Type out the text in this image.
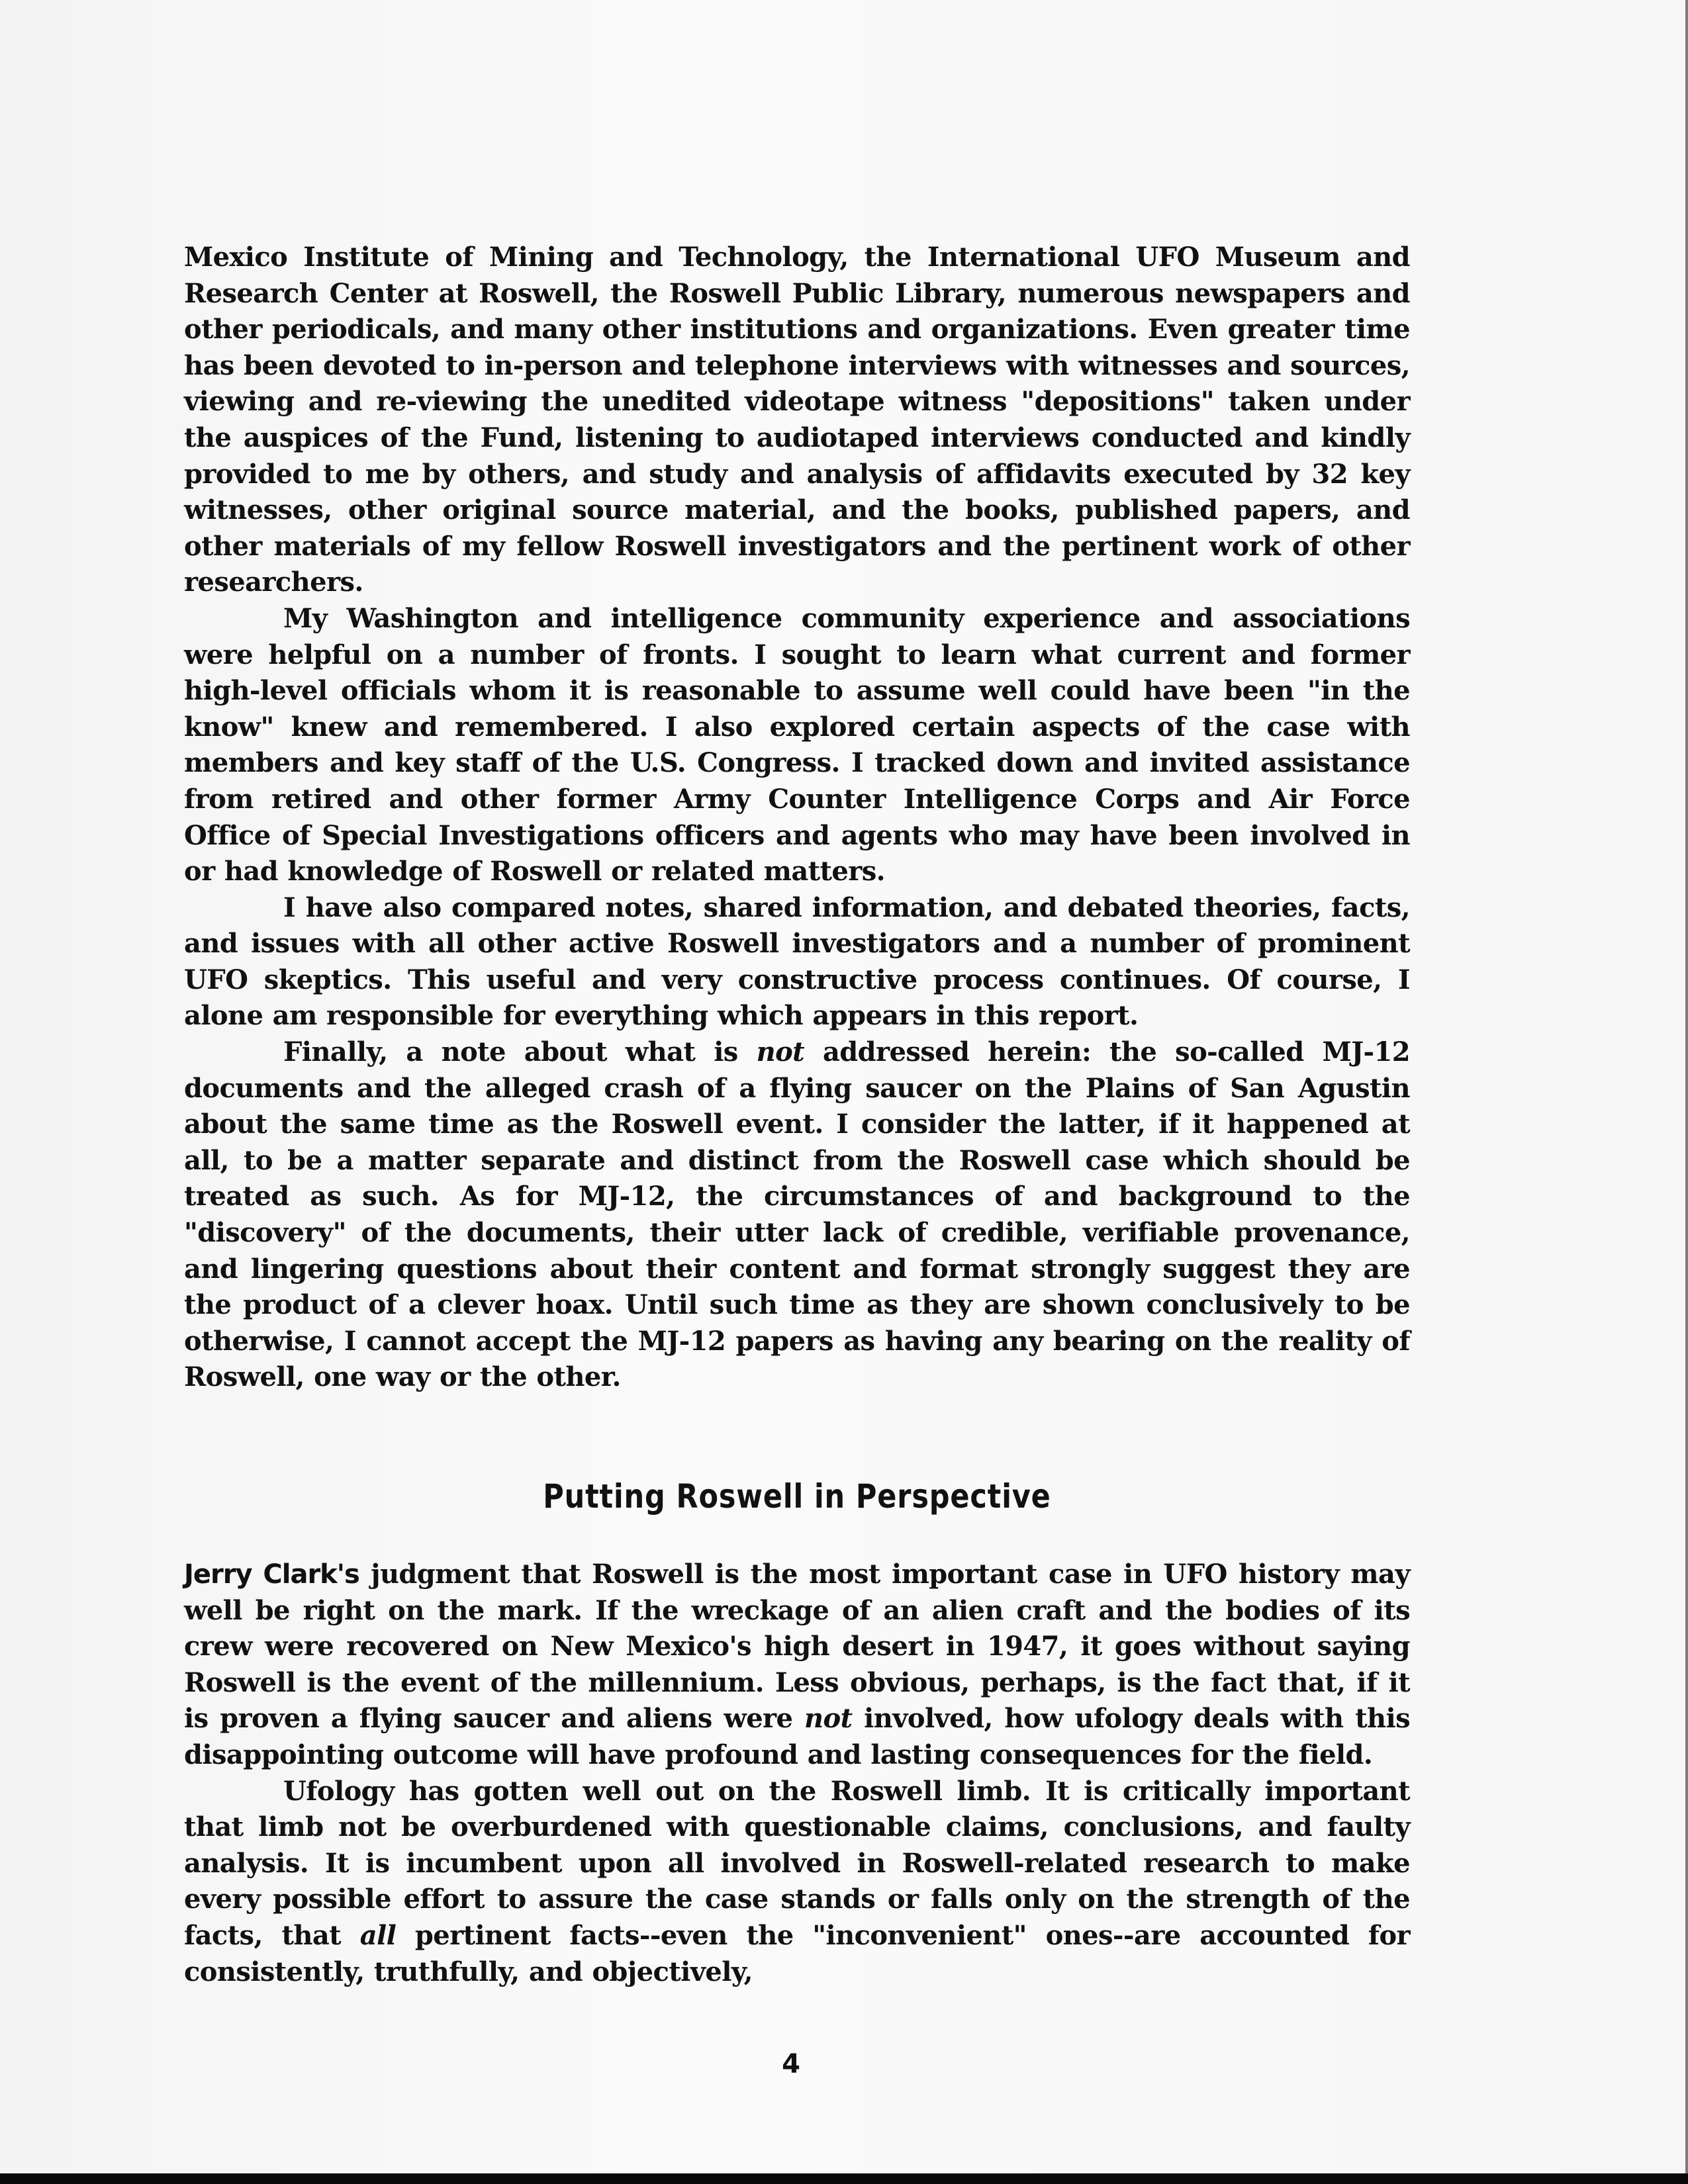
Mexico Institute of Mining and Technology, the International UFO Museum and Research Center at Roswell, the Roswell Public Library, numerous newspapers and other periodicals, and many other institutions and organizations. Even greater time has been devoted to in-person and telephone interviews with witnesses and sources, viewing and re-viewing the unedited videotape witness "depositions" taken under the auspices of the Fund, listening to audiotaped interviews conducted and kindly provided to me by others, and study and analysis of affidavits executed by 32 key witnesses, other original source material, and the books, published papers, and other materials of my fellow Roswell investigators and the pertinent work of other researchers.

My Washington and intelligence community experience and associations were helpful on a number of fronts. I sought to learn what current and former high-level officials whom it is reasonable to assume well could have been "in the know" knew and remembered. I also explored certain aspects of the case with members and key staff of the U.S. Congress. I tracked down and invited assistance from retired and other former Army Counter Intelligence Corps and Air Force Office of Special Investigations officers and agents who may have been involved in or had knowledge of Roswell or related matters.

I have also compared notes, shared information, and debated theories, facts, and issues with all other active Roswell investigators and a number of prominent UFO skeptics. This useful and very constructive process continues. Of course, I alone am responsible for everything which appears in this report.

Finally, a note about what is not addressed herein: the so-called MJ-12 documents and the alleged crash of a flying saucer on the Plains of San Agustin about the same time as the Roswell event. I consider the latter, if it happened at all, to be a matter separate and distinct from the Roswell case which should be treated as such. As for MJ-12, the circumstances of and background to the "discovery" of the documents, their utter lack of credible, verifiable provenance, and lingering questions about their content and format strongly suggest they are the product of a clever hoax. Until such time as they are shown conclusively to be otherwise, I cannot accept the MJ-12 papers as having any bearing on the reality of Roswell, one way or the other.

Putting Roswell in Perspective

Jerry Clark's judgment that Roswell is the most important case in UFO history may well be right on the mark. If the wreckage of an alien craft and the bodies of its crew were recovered on New Mexico's high desert in 1947, it goes without saying Roswell is the event of the millennium. Less obvious, perhaps, is the fact that, if it is proven a flying saucer and aliens were not involved, how ufology deals with this disappointing outcome will have profound and lasting consequences for the field.

Ufology has gotten well out on the Roswell limb. It is critically important that limb not be overburdened with questionable claims, conclusions, and faulty analysis. It is incumbent upon all involved in Roswell-related research to make every possible effort to assure the case stands or falls only on the strength of the facts, that all pertinent facts--even the "inconvenient" ones--are accounted for consistently, truthfully, and objectively,

4
